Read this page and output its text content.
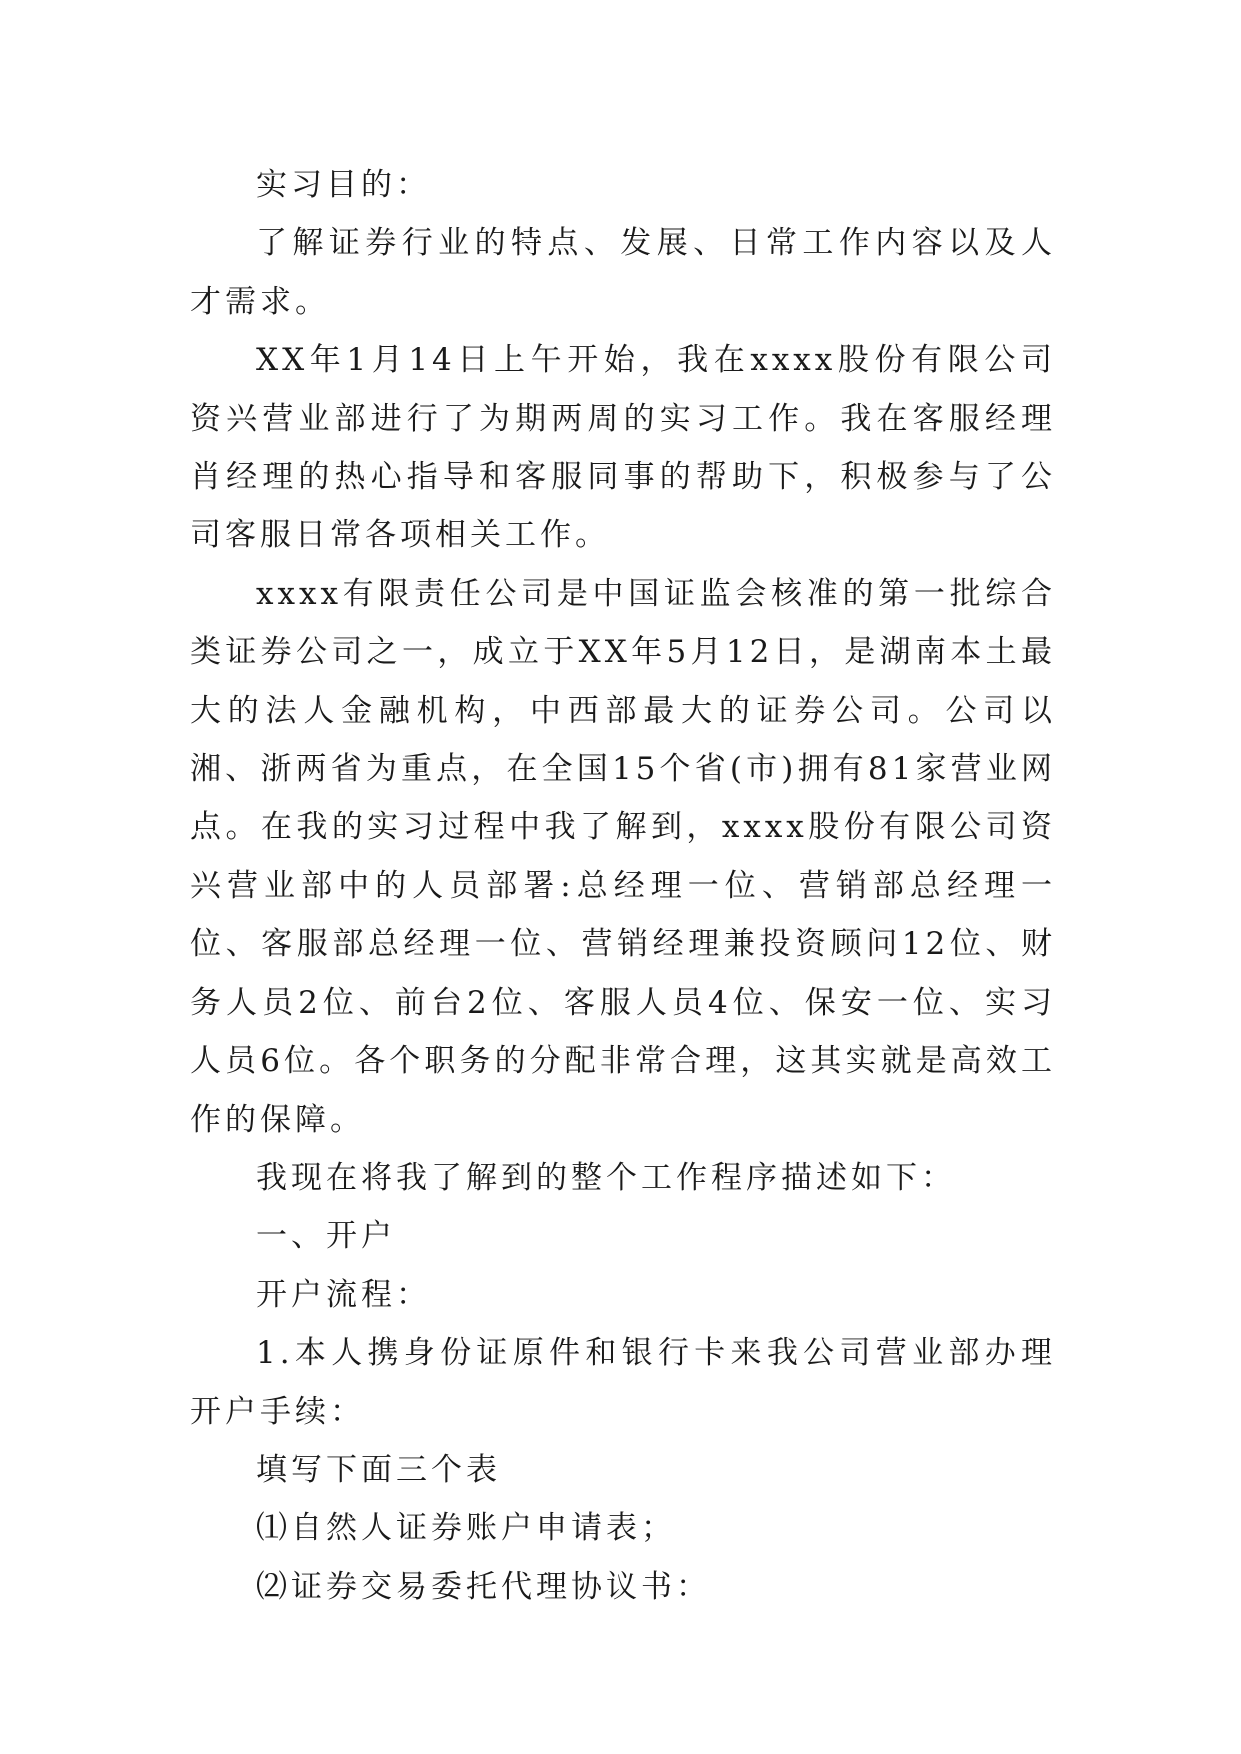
实习目的：

了解证券行业的特点、发展、日常工作内容以及人才需求。

XX年1月14日上午开始，我在xxxx股份有限公司资兴营业部进行了为期两周的实习工作。我在客服经理肖经理的热心指导和客服同事的帮助下，积极参与了公司客服日常各项相关工作。

xxxx有限责任公司是中国证监会核准的第一批综合类证券公司之一，成立于XX年5月12日，是湖南本土最大的法人金融机构，中西部最大的证券公司。公司以湘、浙两省为重点，在全国15个省(市)拥有81家营业网点。在我的实习过程中我了解到，xxxx股份有限公司资兴营业部中的人员部署:总经理一位、营销部总经理一位、客服部总经理一位、营销经理兼投资顾问12位、财务人员2位、前台2位、客服人员4位、保安一位、实习人员6位。各个职务的分配非常合理，这其实就是高效工作的保障。

我现在将我了解到的整个工作程序描述如下：

一、开户

开户流程：

1.本人携身份证原件和银行卡来我公司营业部办理开户手续：

填写下面三个表

⑴自然人证券账户申请表；

⑵证券交易委托代理协议书：
